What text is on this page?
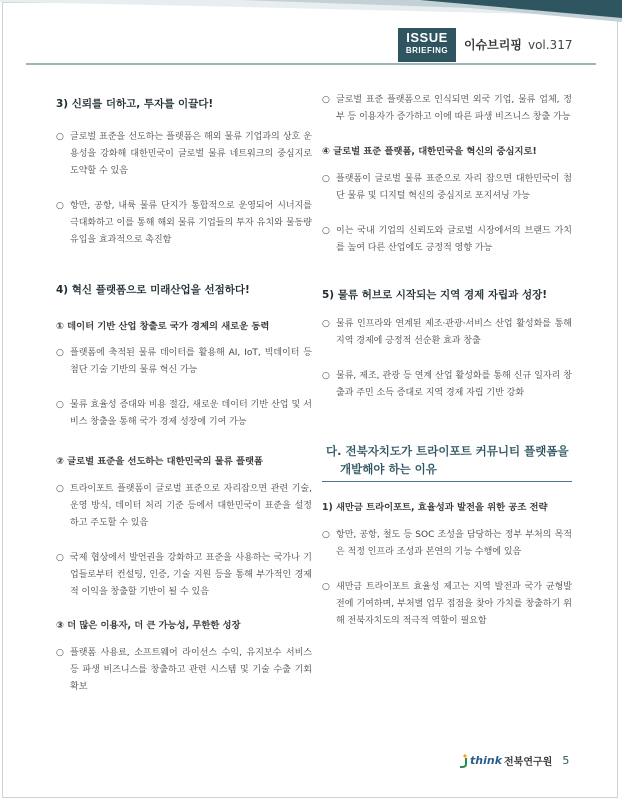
ISSUE
BRIEFING	이슈브리핑 vol.317

3) 신뢰를 더하고, 투자를 이끌다!

○ 글로벌 표준을 선도하는 플랫폼은 해외 물류 기업과의 상호 운용성을 강화해 대한민국이 글로벌 물류 네트워크의 중심지로 도약할 수 있음

○ 항만, 공항, 내륙 물류 단지가 통합적으로 운영되어 시너지를 극대화하고 이를 통해 해외 물류 기업들의 투자 유치와 물동량 유입을 효과적으로 촉진함

4) 혁신 플랫폼으로 미래산업을 선점하다!

① 데이터 기반 산업 창출로 국가 경제의 새로운 동력

○ 플랫폼에 축적된 물류 데이터를 활용해 AI, IoT, 빅데이터 등 첨단 기술 기반의 물류 혁신 가능

○ 물류 효율성 증대와 비용 절감, 새로운 데이터 기반 산업 및 서비스 창출을 통해 국가 경제 성장에 기여 가능

② 글로벌 표준을 선도하는 대한민국의 물류 플랫폼

○ 트라이포트 플랫폼이 글로벌 표준으로 자리잡으면 관련 기술, 운영 방식, 데이터 처리 기준 등에서 대한민국이 표준을 설정하고 주도할 수 있음

○ 국제 협상에서 발언권을 강화하고 표준을 사용하는 국가나 기업들로부터 컨설팅, 인증, 기술 지원 등을 통해 부가적인 경제적 이익을 창출할 기반이 될 수 있음

③ 더 많은 이용자, 더 큰 가능성, 무한한 성장

○ 플랫폼 사용료, 소프트웨어 라이선스 수익, 유지보수 서비스 등 파생 비즈니스를 창출하고 관련 시스템 및 기술 수출 기회 확보

○ 글로벌 표준 플랫폼으로 인식되면 외국 기업, 물류 업체, 정부 등 이용자가 증가하고 이에 따른 파생 비즈니스 창출 가능

④ 글로벌 표준 플랫폼, 대한민국을 혁신의 중심지로!

○ 플랫폼이 글로벌 물류 표준으로 자리 잡으면 대한민국이 첨단 물류 및 디지털 혁신의 중심지로 포지셔닝 가능

○ 이는 국내 기업의 신뢰도와 글로벌 시장에서의 브랜드 가치를 높여 다른 산업에도 긍정적 영향 가능

5) 물류 허브로 시작되는 지역 경제 자립과 성장!

○ 물류 인프라와 연계된 제조·관광·서비스 산업 활성화를 통해 지역 경제에 긍정적 선순환 효과 창출

○ 물류, 제조, 관광 등 연계 산업 활성화를 통해 신규 일자리 창출과 주민 소득 증대로 지역 경제 자립 기반 강화

다. 전북자치도가 트라이포트 커뮤니티 플랫폼을
개발해야 하는 이유

1) 새만금 트라이포트, 효율성과 발전을 위한 공조 전략

○ 항만, 공항, 철도 등 SOC 조성을 담당하는 정부 부처의 목적은 적정 인프라 조성과 본연의 기능 수행에 있음

○ 새만금 트라이포트 효율성 제고는 지역 발전과 국가 균형발전에 기여하며, 부처별 업무 접점을 찾아 가치를 창출하기 위해 전북자치도의 적극적 역할이 필요함

think 전북연구원 5
